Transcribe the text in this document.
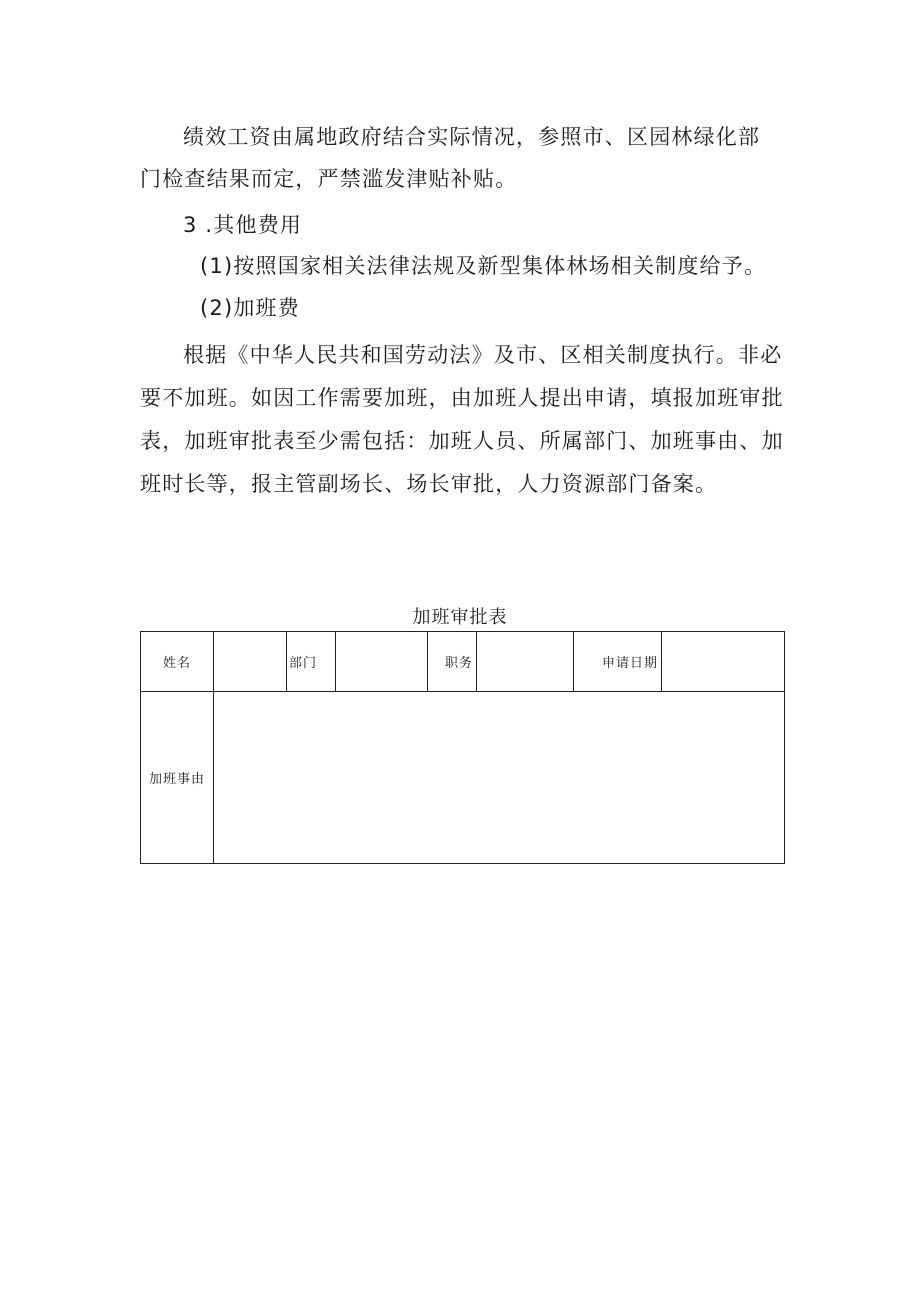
绩效工资由属地政府结合实际情况，参照市、区园林绿化部
门检查结果而定，严禁滥发津贴补贴。
3 .其他费用
(1)按照国家相关法律法规及新型集体林场相关制度给予。
(2)加班费
根据《中华人民共和国劳动法》及市、区相关制度执行。非必要不加班。如因工作需要加班，由加班人提出申请，填报加班审批表，加班审批表至少需包括：加班人员、所属部门、加班事由、加班时长等，报主管副场长、场长审批，人力资源部门备案。
加班审批表
姓名		部门		职务		申请日期	
加班事由							
